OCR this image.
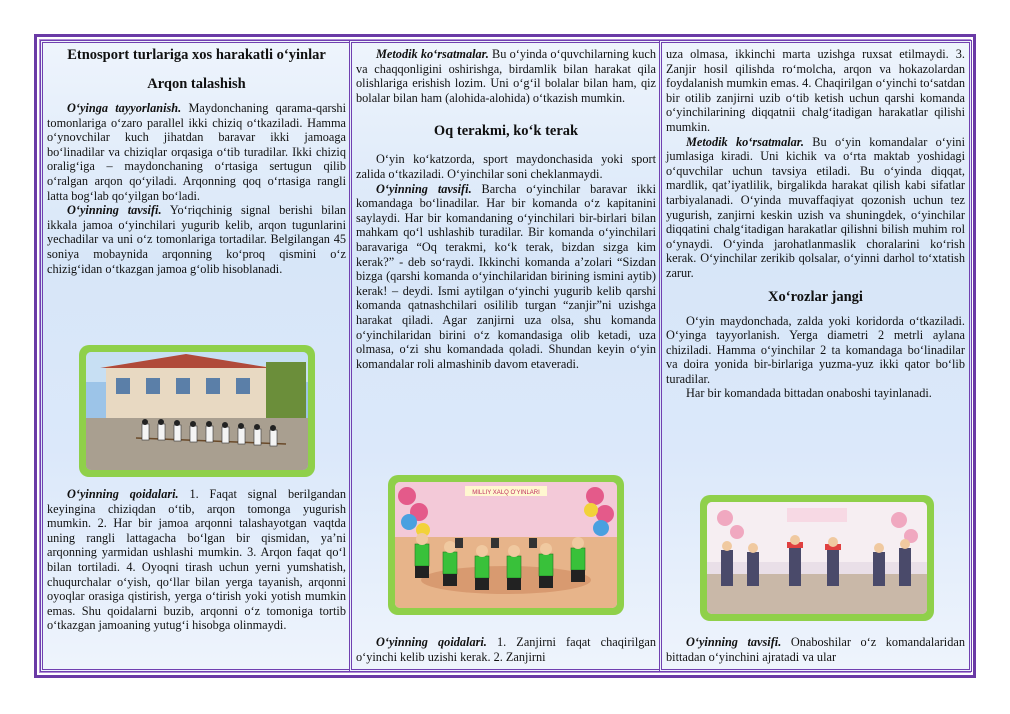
Etnosport turlariga xos harakatli oʻyinlar
Arqon talashish

Oʻyinga tayyorlanish. Maydonchaning qarama-qarshi tomonlariga oʻzaro parallel ikki chiziq oʻtkaziladi. Hamma oʻynovchilar kuch jihatdan baravar ikki jamoaga boʻlinadilar va chiziqlar orqasiga oʻtib turadilar. Ikki chiziq oraligʻiga – maydonchaning oʻrtasiga sertugun qilib oʻralgan arqon qoʻyiladi. Arqonning qoq oʻrtasiga rangli latta bogʻlab qoʻyilgan boʻladi.

Oʻyinning tavsifi. Yoʻriqchinig signal berishi bilan ikkala jamoa oʻyinchilari yugurib kelib, arqon tugunlarini yechadilar va uni oʻz tomonlariga tortadilar. Belgilangan 45 soniya mobaynida arqonning koʻproq qismini oʻz chizigʻidan oʻtkazgan jamoa gʻolib hisoblanadi.

Oʻyinning qoidalari. 1. Faqat signal berilgandan keyingina chiziqdan oʻtib, arqon tomonga yugurish mumkin. 2. Har bir jamoa arqonni talashayotgan vaqtda uning rangli lattagacha boʻlgan bir qismidan, yaʼni arqonning yarmidan ushlashi mumkin. 3. Arqon faqat qoʻl bilan tortiladi. 4. Oyoqni tirash uchun yerni yumshatish, chuqurchalar oʻyish, qoʻllar bilan yerga tayanish, arqonni oyoqlar orasiga qistirish, yerga oʻtirish yoki yotish mumkin emas. Shu qoidalarni buzib, arqonni oʻz tomoniga tortib oʻtkazgan jamoaning yutugʻi hisobga olinmaydi.

Metodik koʻrsatmalar. Bu oʻyinda oʻquvchilarning kuch va chaqqonligini oshirishga, birdamlik bilan harakat qila olishlariga erishish lozim. Uni oʻgʻil bolalar bilan ham, qiz bolalar bilan ham (alohida-alohida) oʻtkazish mumkin.

Oq terakmi, koʻk terak

Oʻyin koʻkatzorda, sport maydonchasida yoki sport zalida oʻtkaziladi. Oʻyinchilar soni cheklanmaydi.

Oʻyinning tavsifi. Barcha oʻyinchilar baravar ikki komandaga boʻlinadilar. Har bir komanda oʻz kapitanini saylaydi. Har bir komandaning oʻyinchilari bir-birlari bilan mahkam qoʻl ushlashib turadilar. Bir komanda oʻyinchilari baravariga “Oq terakmi, koʻk terak, bizdan sizga kim kerak?” - deb soʻraydi. Ikkinchi komanda aʼzolari “Sizdan bizga (qarshi komanda oʻyinchilaridan birining ismini aytib) kerak! – deydi. Ismi aytilgan oʻyinchi yugurib kelib qarshi komanda qatnashchilari osililib turgan “zanjir”ni uzishga harakat qiladi. Agar zanjirni uza olsa, shu komanda oʻyinchilaridan birini oʻz komandasiga olib ketadi, uza olmasa, oʻzi shu komandada qoladi. Shundan keyin oʻyin komandalar roli almashinib davom etaveradi.

MILLIY XALQ OʻYINLARI

Oʻyinning qoidalari. 1. Zanjirni faqat chaqirilgan oʻyinchi kelib uzishi kerak. 2. Zanjirni

uza olmasa, ikkinchi marta uzishga ruxsat etilmaydi. 3. Zanjir hosil qilishda roʻmolcha, arqon va hokazolardan foydalanish mumkin emas. 4. Chaqirilgan oʻyinchi toʻsatdan bir otilib zanjirni uzib oʻtib ketish uchun qarshi komanda oʻyinchilarining diqqatnii chalgʻitadigan harakatlar qilishi mumkin.

Metodik koʻrsatmalar. Bu oʻyin komandalar oʻyini jumlasiga kiradi. Uni kichik va oʻrta maktab yoshidagi oʻquvchilar uchun tavsiya etiladi. Bu oʻyinda diqqat, mardlik, qatʼiyatlilik, birgalikda harakat qilish kabi sifatlar tarbiyalanadi. Oʻyinda muvaffaqiyat qozonish uchun tez yugurish, zanjirni keskin uzish va shuningdek, oʻyinchilar diqqatini chalgʻitadigan harakatlar qilishni bilish muhim rol oʻynaydi. Oʻyinda jarohatlanmaslik choralarini koʻrish kerak. Oʻyinchilar zerikib qolsalar, oʻyinni darhol toʻxtatish zarur.

Xoʻrozlar jangi

Oʻyin maydonchada, zalda yoki koridorda oʻtkaziladi. Oʻyinga tayyorlanish. Yerga diametri 2 metrli aylana chiziladi. Hamma oʻyinchilar 2 ta komandaga boʻlinadilar va doira yonida bir-birlariga yuzma-yuz ikki qator boʻlib turadilar.

Har bir komandada bittadan onaboshi tayinlanadi.

Oʻyinning tavsifi. Onaboshilar oʻz komandalaridan bittadan oʻyinchini ajratadi va ular
